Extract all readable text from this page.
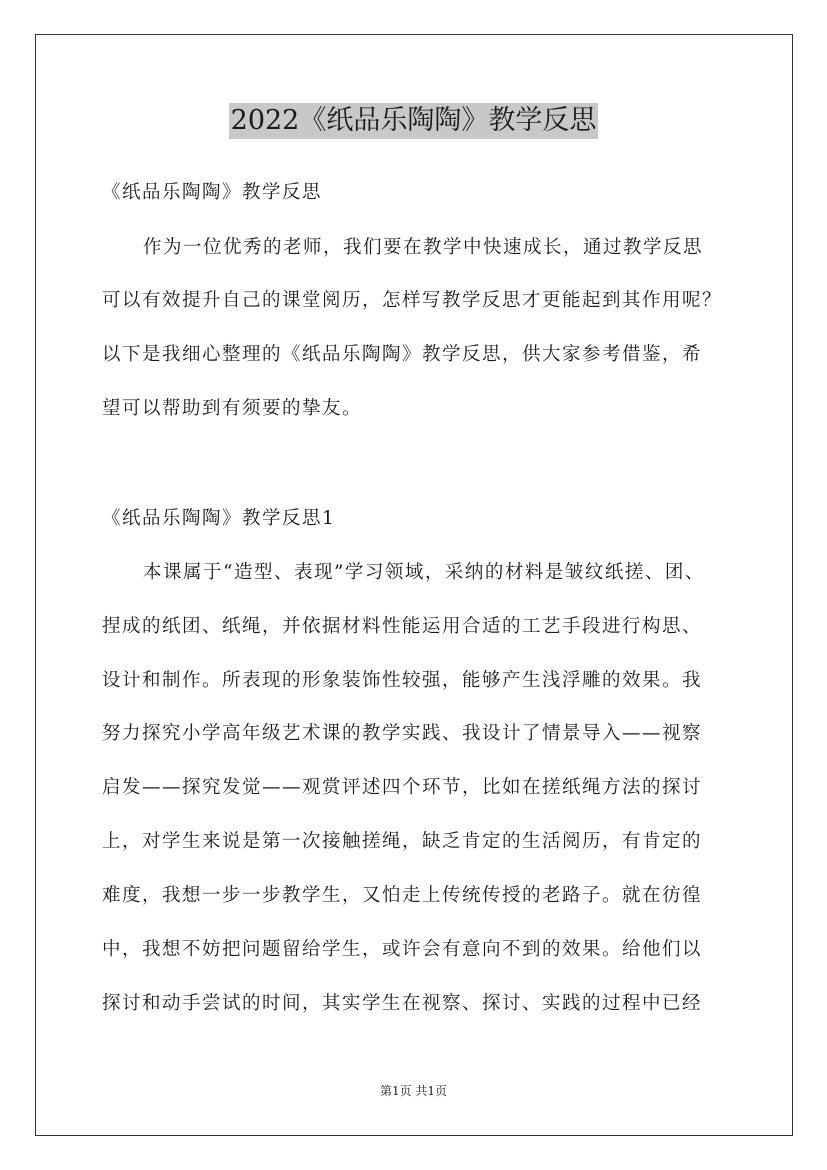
2022《纸品乐陶陶》教学反思
《纸品乐陶陶》教学反思
作为一位优秀的老师，我们要在教学中快速成长，通过教学反思
可以有效提升自己的课堂阅历，怎样写教学反思才更能起到其作用呢？
以下是我细心整理的《纸品乐陶陶》教学反思，供大家参考借鉴，希
望可以帮助到有须要的挚友。
《纸品乐陶陶》教学反思1
本课属于“造型、表现”学习领域，采纳的材料是皱纹纸搓、团、
捏成的纸团、纸绳，并依据材料性能运用合适的工艺手段进行构思、
设计和制作。所表现的形象装饰性较强，能够产生浅浮雕的效果。我
努力探究小学高年级艺术课的教学实践、我设计了情景导入——视察
启发——探究发觉——观赏评述四个环节，比如在搓纸绳方法的探讨
上，对学生来说是第一次接触搓绳，缺乏肯定的生活阅历，有肯定的
难度，我想一步一步教学生，又怕走上传统传授的老路子。就在彷徨
中，我想不妨把问题留给学生，或许会有意向不到的效果。给他们以
探讨和动手尝试的时间，其实学生在视察、探讨、实践的过程中已经
第1页 共1页
